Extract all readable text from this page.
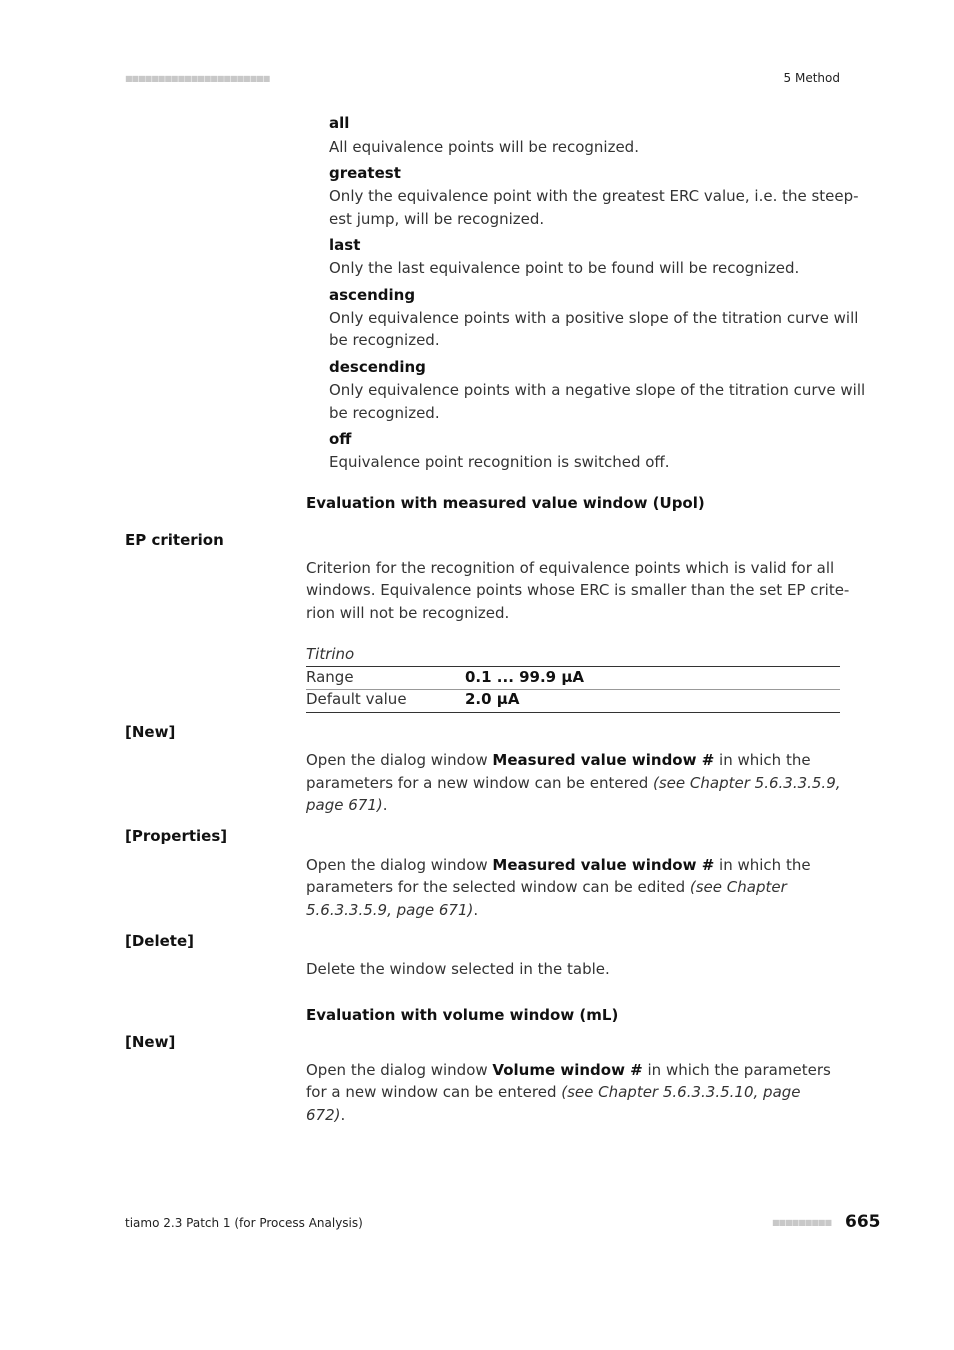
■■■■■■■■■■■■■■■■■■■■■■	5 Method
all
All equivalence points will be recognized.
greatest
Only the equivalence point with the greatest ERC value, i.e. the steep-
est jump, will be recognized.
last
Only the last equivalence point to be found will be recognized.
ascending
Only equivalence points with a positive slope of the titration curve will
be recognized.
descending
Only equivalence points with a negative slope of the titration curve will
be recognized.
off
Equivalence point recognition is switched off.
Evaluation with measured value window (Upol)
EP criterion
Criterion for the recognition of equivalence points which is valid for all
windows. Equivalence points whose ERC is smaller than the set EP crite-
rion will not be recognized.
Titrino
Range	0.1 ... 99.9 µA
Default value	2.0 µA
[New]
Open the dialog window Measured value window # in which the
parameters for a new window can be entered (see Chapter 5.6.3.3.5.9,
page 671).
[Properties]
Open the dialog window Measured value window # in which the
parameters for the selected window can be edited (see Chapter
5.6.3.3.5.9, page 671).
[Delete]
Delete the window selected in the table.
Evaluation with volume window (mL)
[New]
Open the dialog window Volume window # in which the parameters
for a new window can be entered (see Chapter 5.6.3.3.5.10, page
672).
tiamo 2.3 Patch 1 (for Process Analysis)	■■■■■■■■■ 665
